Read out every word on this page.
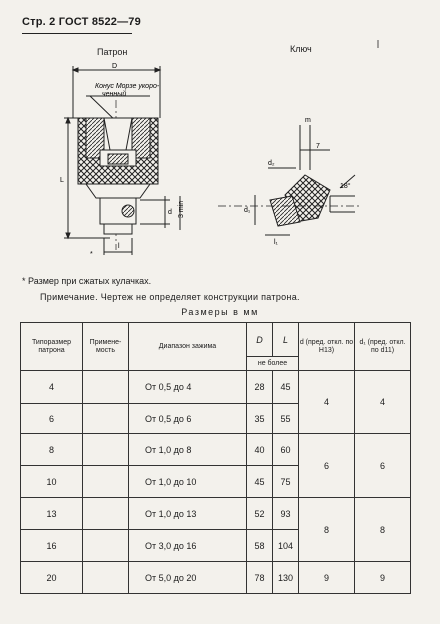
Стр. 2 ГОСТ 8522—79
Патрон	Ключ
D
Конус Морзе укоро-
ченный
L
d 3 min
l
*
m
7
d₂
18°
d₁
l₁
* Размер при сжатых кулачках.
Примечание. Чертеж не определяет конструкции патрона.
Размеры в мм
Типоразмер патрона	Примене-мость	Диапазон зажима	D	L	d (пред. откл. по H13)	d₁ (пред. откл. по d11)
			не более			
4		От 0,5 до 4	28	45	4	4
6		От 0,5 до 6	35	55		
8		От 1,0 до 8	40	60	6	6
10		От 1,0 до 10	45	75		
13		От 1,0 до 13	52	93	8	8
16		От 3,0 до 16	58	104		
20		От 5,0 до 20	78	130	9	9
